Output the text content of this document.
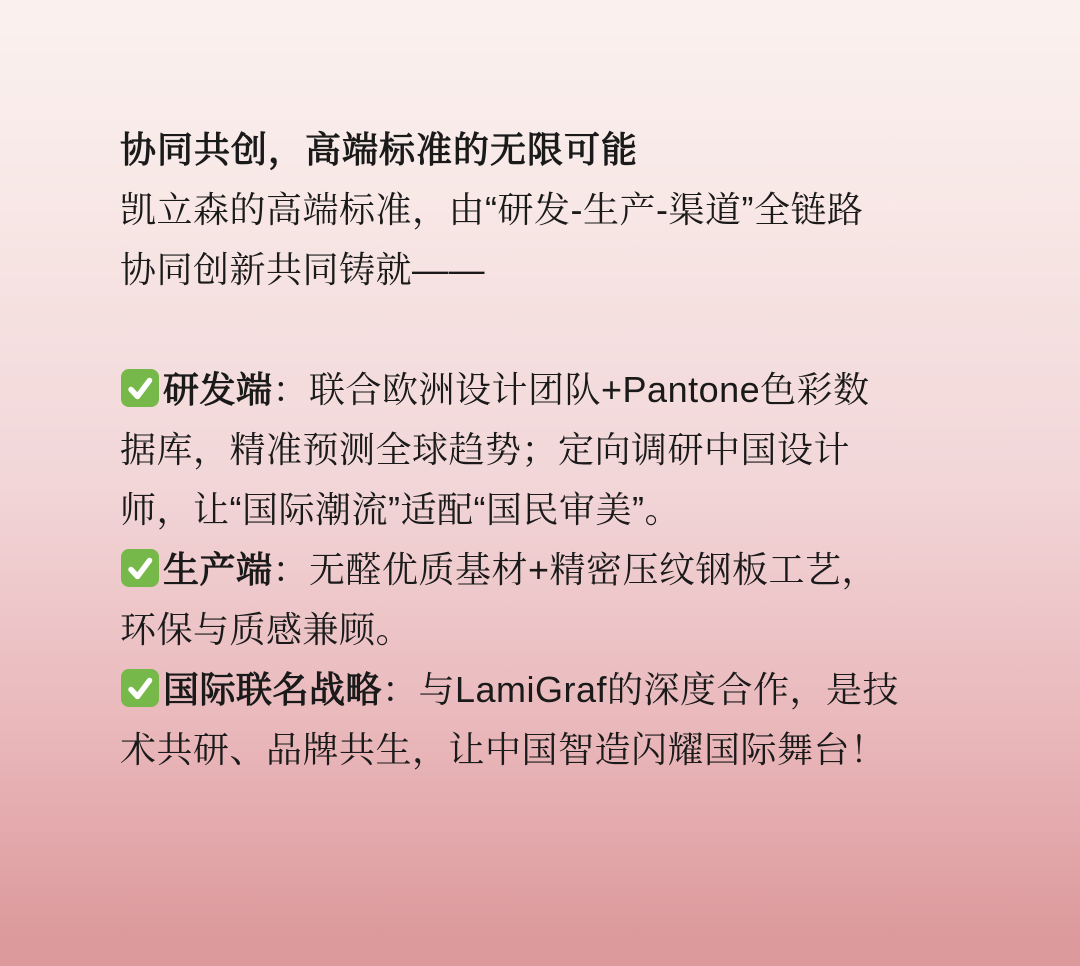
协同共创，高端标准的无限可能

凯立森的高端标准，由“研发-生产-渠道”全链路

协同创新共同铸就——

研发端：联合欧洲设计团队+Pantone色彩数

据库，精准预测全球趋势；定向调研中国设计

师，让“国际潮流”适配“国民审美”。

生产端：无醛优质基材+精密压纹钢板工艺，

环保与质感兼顾。

国际联名战略：与LamiGraf的深度合作，是技

术共研、品牌共生，让中国智造闪耀国际舞台！
